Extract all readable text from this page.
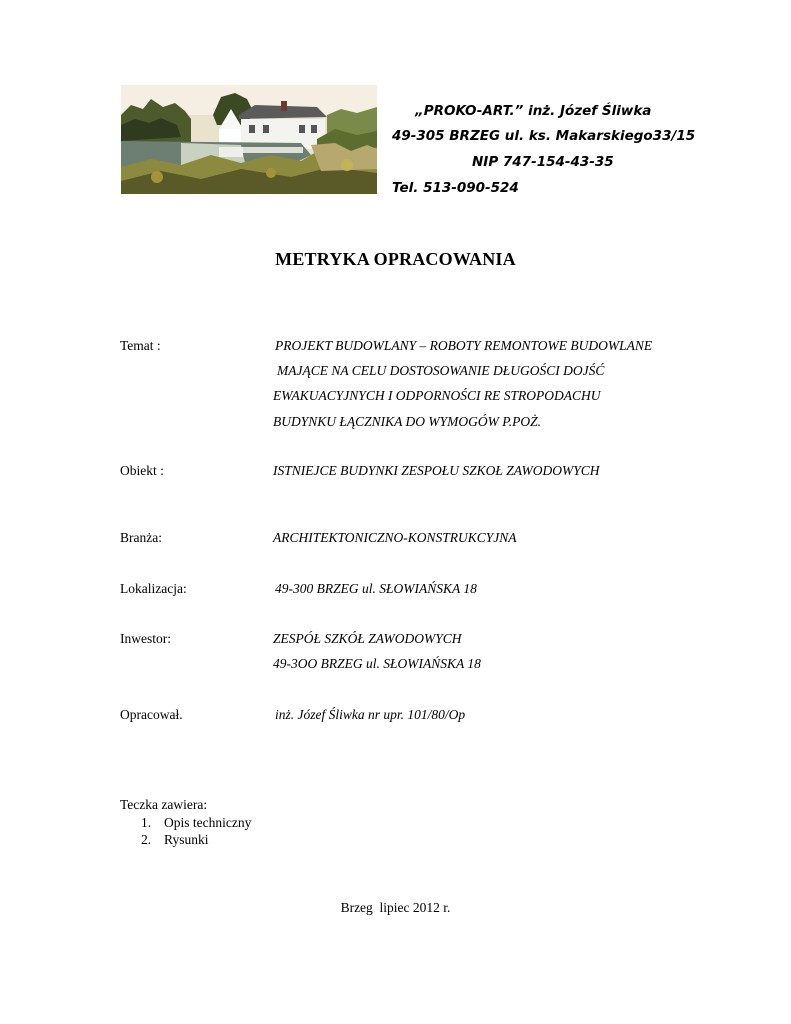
„PROKO-ART.” inż. Józef Śliwka
49-305 BRZEG ul. ks. Makarskiego33/15
NIP 747-154-43-35
Tel. 513-090-524
METRYKA OPRACOWANIA
Temat :	PROJEKT BUDOWLANY – ROBOTY REMONTOWE BUDOWLANE
MAJĄCE NA CELU DOSTOSOWANIE DŁUGOŚCI DOJŚĆ
EWAKUACYJNYCH I ODPORNOŚCI RE STROPODACHU
BUDYNKU ŁĄCZNIKA DO WYMOGÓW P.POŻ.
Obiekt :	ISTNIEJCE BUDYNKI ZESPOŁU SZKOŁ ZAWODOWYCH
Branża:	ARCHITEKTONICZNO-KONSTRUKCYJNA
Lokalizacja:	49-300 BRZEG ul. SŁOWIAŃSKA 18
Inwestor:	ZESPÓŁ SZKÓŁ ZAWODOWYCH
49-3OO BRZEG ul. SŁOWIAŃSKA 18
Opracował.	inż. Józef Śliwka nr upr. 101/80/Op
Teczka zawiera:
1. Opis techniczny
2. Rysunki
Brzeg  lipiec 2012 r.
